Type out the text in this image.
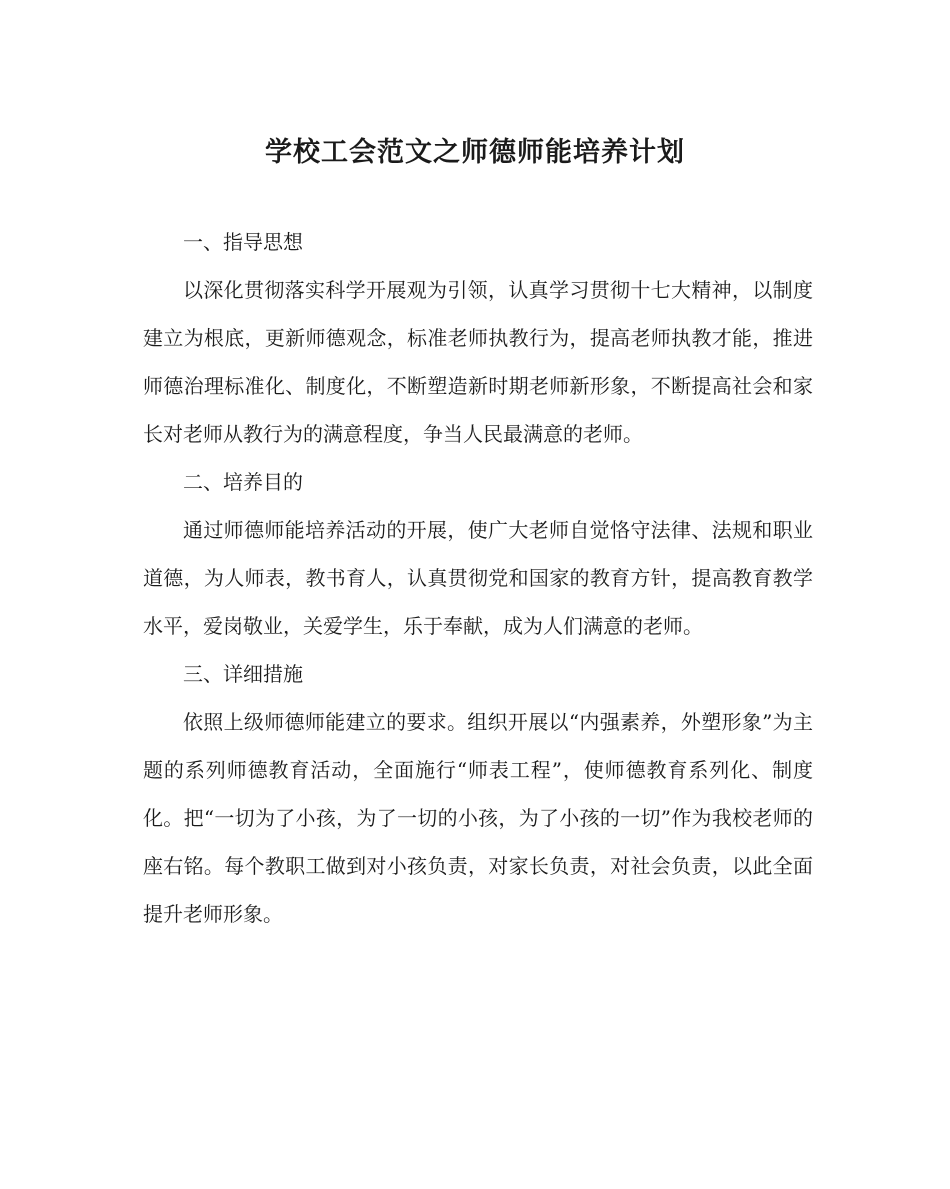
学校工会范文之师德师能培养计划

一、指导思想

以深化贯彻落实科学开展观为引领，认真学习贯彻十七大精神，以制度建立为根底，更新师德观念，标准老师执教行为，提高老师执教才能，推进师德治理标准化、制度化，不断塑造新时期老师新形象，不断提高社会和家长对老师从教行为的满意程度，争当人民最满意的老师。

二、培养目的

通过师德师能培养活动的开展，使广大老师自觉恪守法律、法规和职业道德，为人师表，教书育人，认真贯彻党和国家的教育方针，提高教育教学水平，爱岗敬业，关爱学生，乐于奉献，成为人们满意的老师。

三、详细措施

依照上级师德师能建立的要求。组织开展以“内强素养，外塑形象”为主题的系列师德教育活动，全面施行“师表工程”，使师德教育系列化、制度化。把“一切为了小孩，为了一切的小孩，为了小孩的一切”作为我校老师的座右铭。每个教职工做到对小孩负责，对家长负责，对社会负责，以此全面提升老师形象。
